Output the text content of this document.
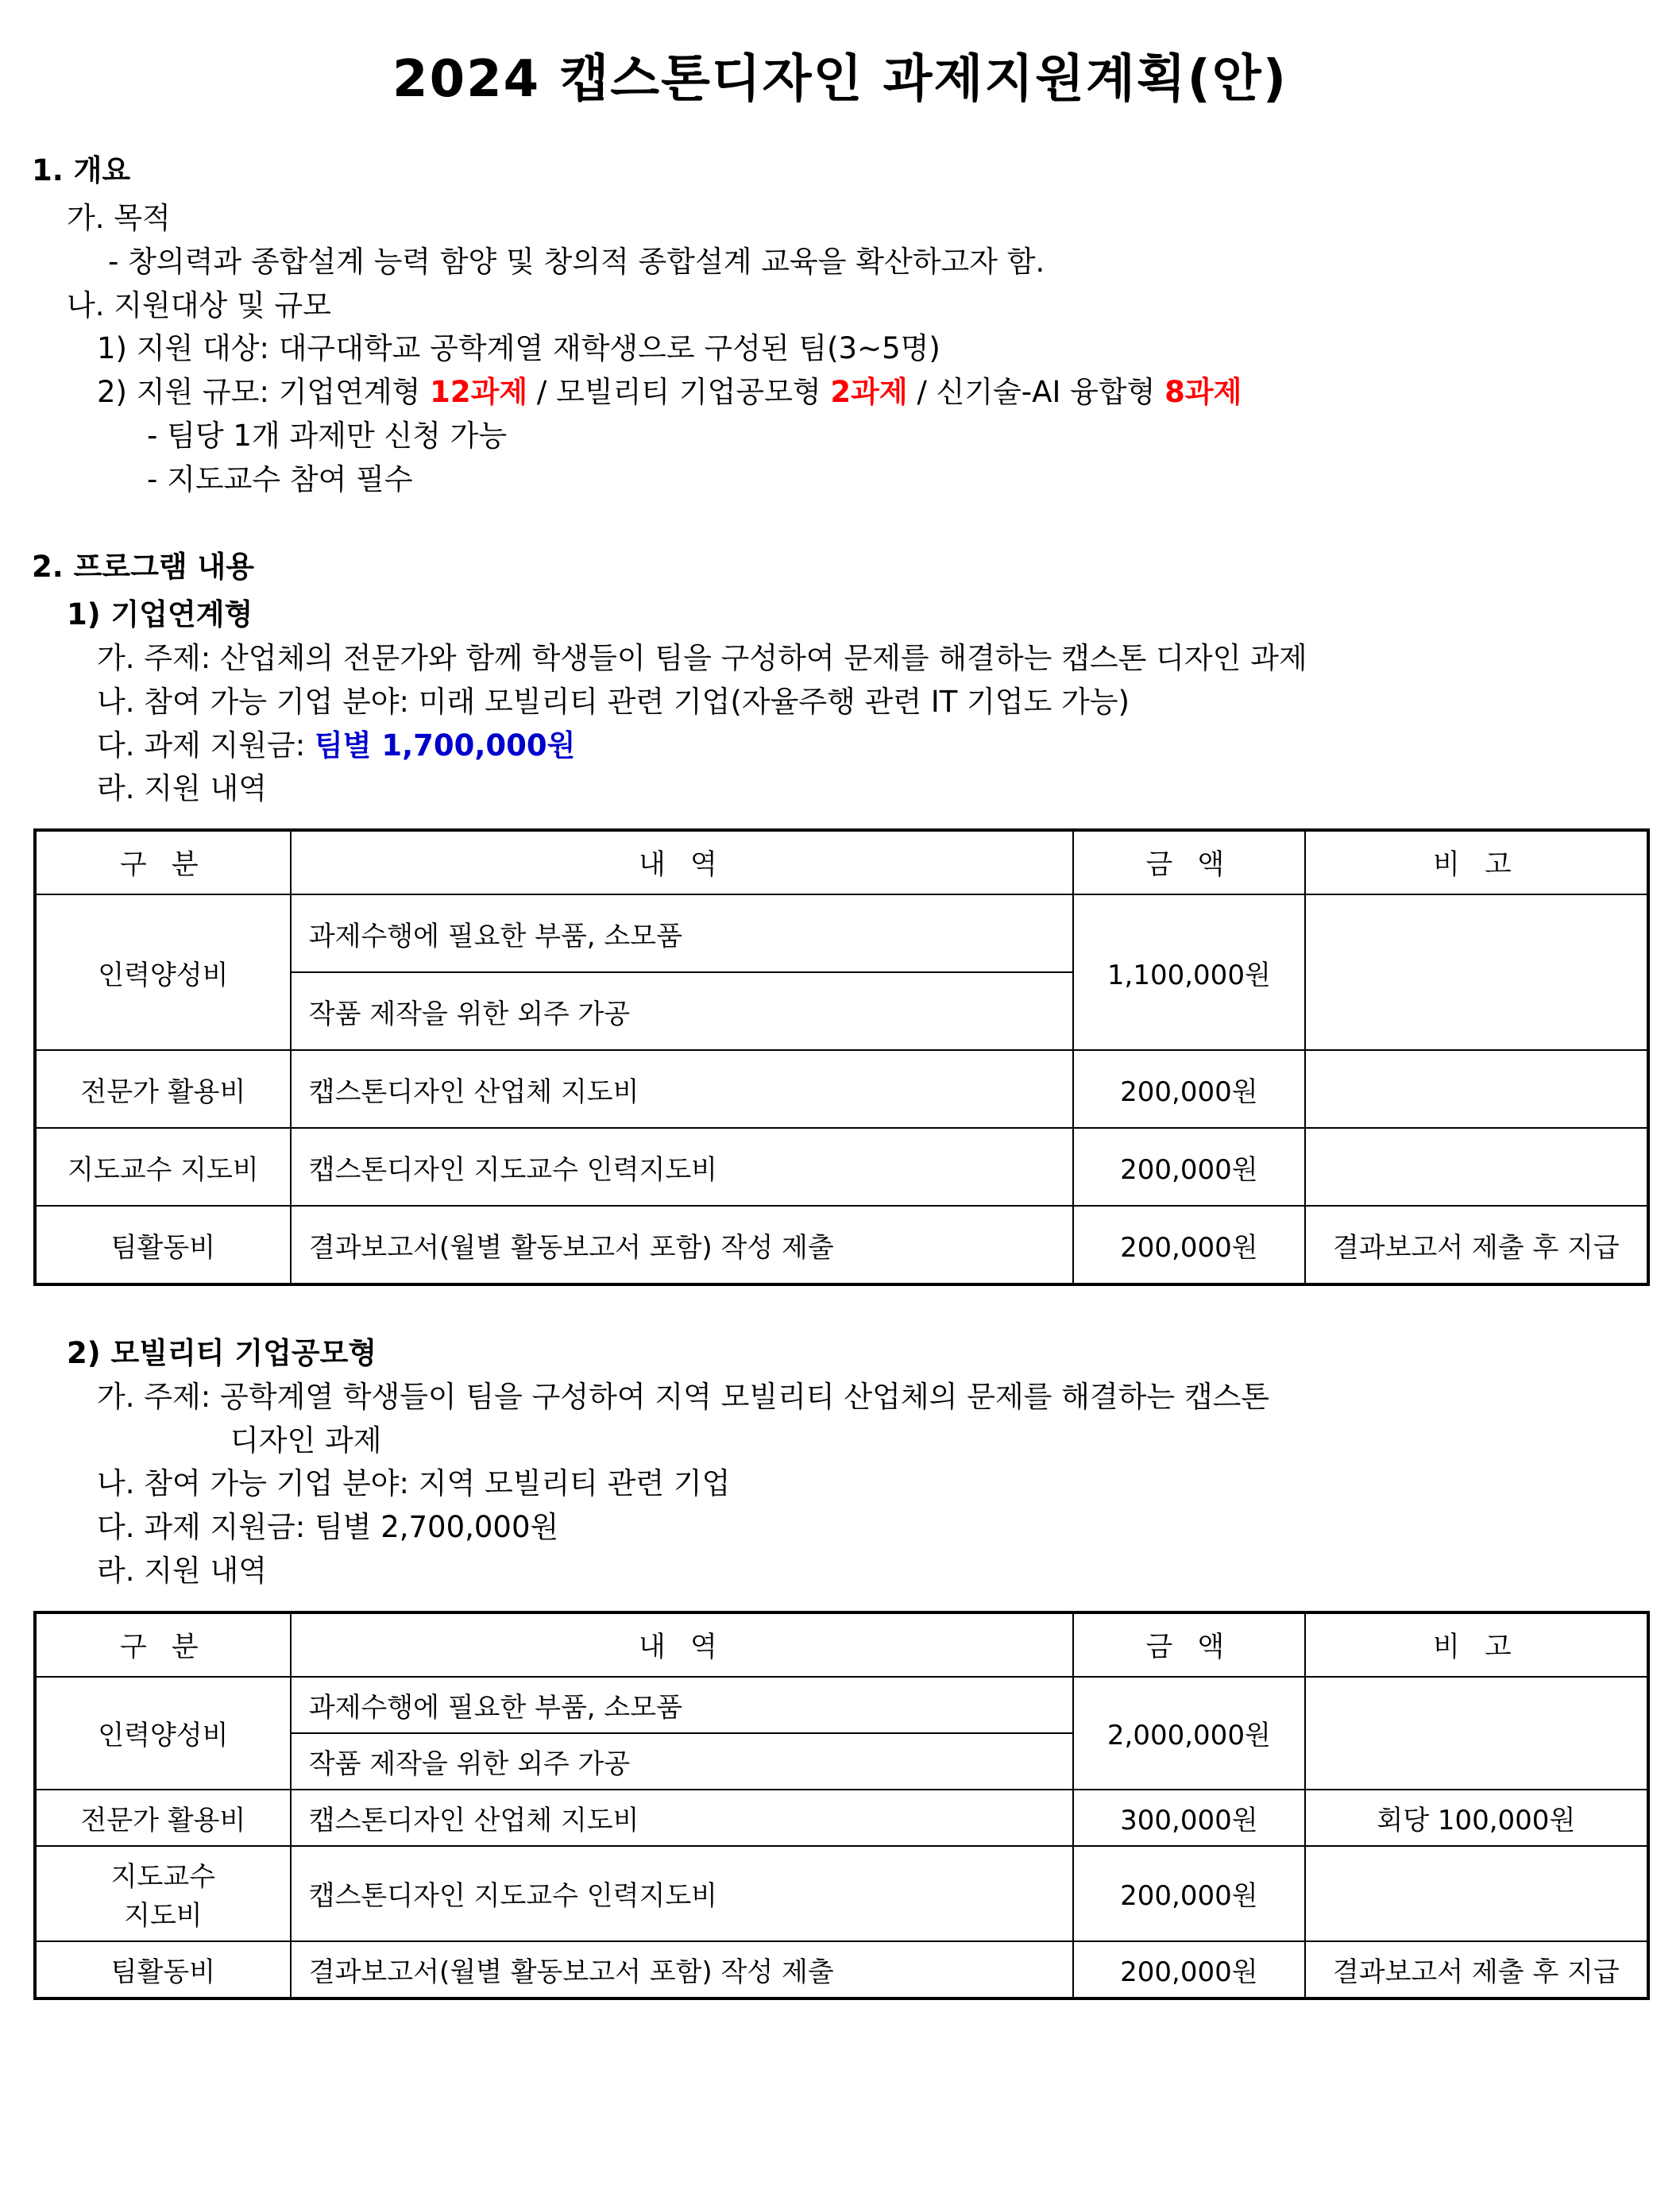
2024 캡스톤디자인 과제지원계획(안)
1. 개요
가. 목적
- 창의력과 종합설계 능력 함양 및 창의적 종합설계 교육을 확산하고자 함.
나. 지원대상 및 규모
1) 지원 대상: 대구대학교 공학계열 재학생으로 구성된 팀(3~5명)
2) 지원 규모: 기업연계형 12과제 / 모빌리티 기업공모형 2과제 / 신기술-AI 융합형 8과제
- 팀당 1개 과제만 신청 가능
- 지도교수 참여 필수
2. 프로그램 내용
1) 기업연계형
가. 주제: 산업체의 전문가와 함께 학생들이 팀을 구성하여 문제를 해결하는 캡스톤 디자인 과제
나. 참여 가능 기업 분야: 미래 모빌리티 관련 기업(자율주행 관련 IT 기업도 가능)
다. 과제 지원금: 팀별 1,700,000원
라. 지원 내역
구 분	내 역	금 액	비 고
인력양성비	과제수행에 필요한 부품, 소모품	1,100,000원	
	작품 제작을 위한 외주 가공		
전문가 활용비	캡스톤디자인 산업체 지도비	200,000원	
지도교수 지도비	캡스톤디자인 지도교수 인력지도비	200,000원	
팀활동비	결과보고서(월별 활동보고서 포함) 작성 제출	200,000원	결과보고서 제출 후 지급
2) 모빌리티 기업공모형
가. 주제: 공학계열 학생들이 팀을 구성하여 지역 모빌리티 산업체의 문제를 해결하는 캡스톤
디자인 과제
나. 참여 가능 기업 분야: 지역 모빌리티 관련 기업
다. 과제 지원금: 팀별 2,700,000원
라. 지원 내역
구 분	내 역	금 액	비 고
인력양성비	과제수행에 필요한 부품, 소모품	2,000,000원	
	작품 제작을 위한 외주 가공		
전문가 활용비	캡스톤디자인 산업체 지도비	300,000원	회당 100,000원

지도교수
지도비	캡스톤디자인 지도교수 인력지도비	200,000원	
팀활동비	결과보고서(월별 활동보고서 포함) 작성 제출	200,000원	결과보고서 제출 후 지급
